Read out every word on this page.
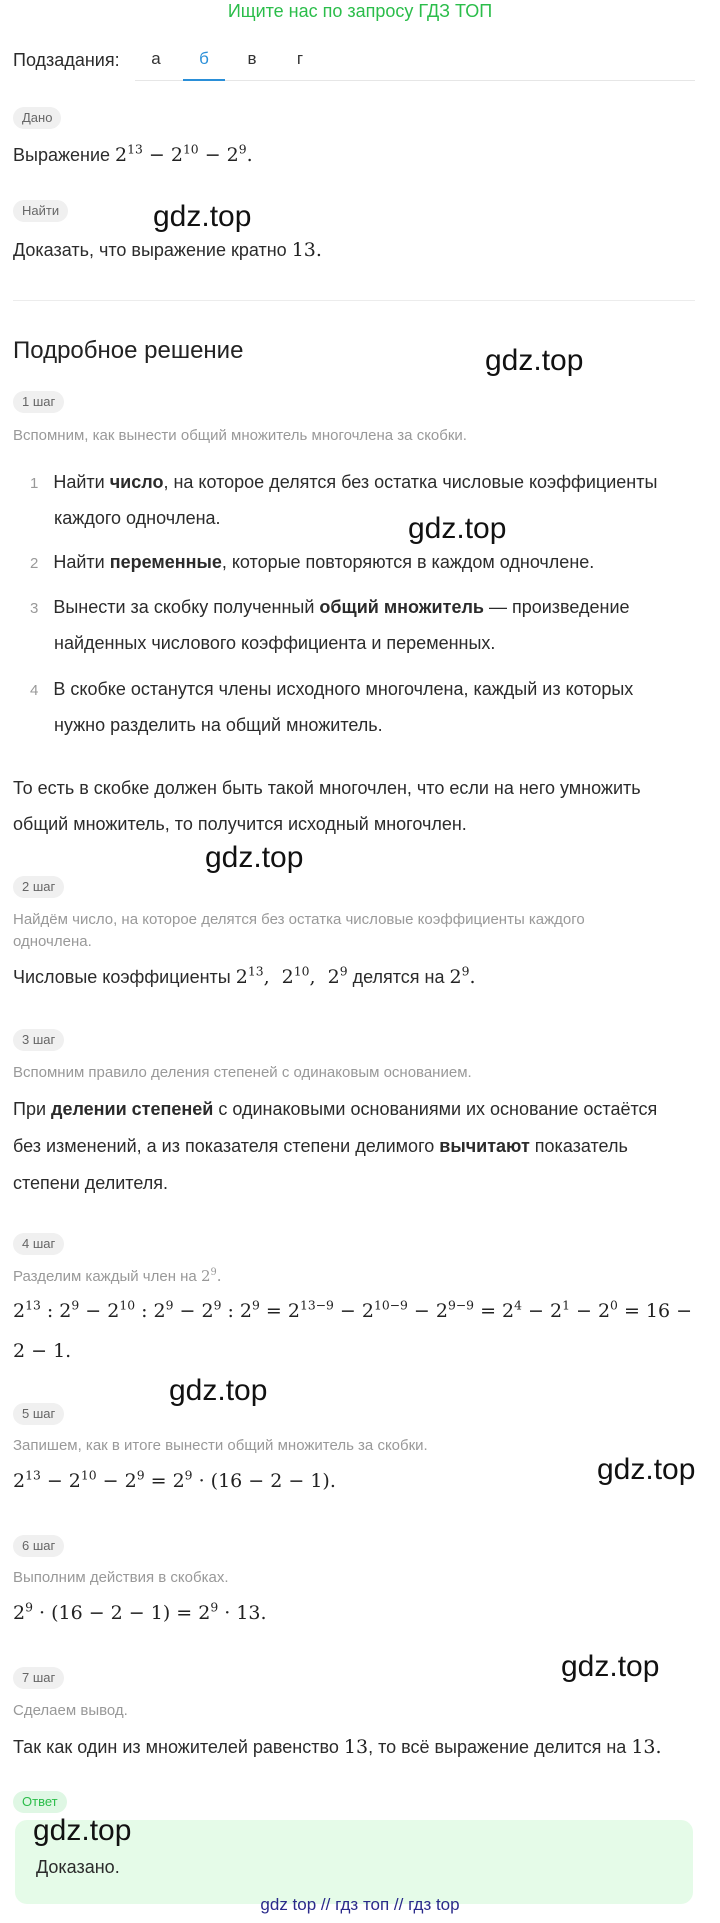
Ищите нас по запросу ГДЗ ТОП
Подзадания:	а	б	в	г
Дано
Выражение $2^{13} - 2^{10} - 2^9$.
Найти	gdz.top
Доказать, что выражение кратно 13.
Подробное решение	gdz.top
1 шаг
Вспомним, как вынести общий множитель многочлена за скобки.
1 Найти число, на которое делятся без остатка числовые коэффициенты
каждого одночлена.	gdz.top
2 Найти переменные, которые повторяются в каждом одночлене.
3 Вынести за скобку полученный общий множитель — произведение
найденных числового коэффициента и переменных.
4 В скобке останутся члены исходного многочлена, каждый из которых
нужно разделить на общий множитель.
То есть в скобке должен быть такой многочлен, что если на него умножить
общий множитель, то получится исходный многочлен.
gdz.top
2 шаг
Найдём число, на которое делятся без остатка числовые коэффициенты каждого
одночлена.
Числовые коэффициенты $2^{13}$,  $2^{10}$,  $2^9$ делятся на $2^9$.
3 шаг
Вспомним правило деления степеней с одинаковым основанием.
При делении степеней с одинаковыми основаниями их основание остаётся
без изменений, а из показателя степени делимого вычитают показатель
степени делителя.
4 шаг
Разделим каждый член на $2^9$.
$2^{13}$ : $2^9 - 2^{10}$ : $2^9 - 2^9$ : $2^9 = 2^{13-9} - 2^{10-9} - 2^{9-9} = 2^4 - 2^1 - 2^0 = 16$ −
2 − 1.
gdz.top
5 шаг
Запишем, как в итоге вынести общий множитель за скобки.
gdz.top
$2^{13} - 2^{10} - 2^9 = 2^9 \cdot (16 - 2 - 1)$.
6 шаг
Выполним действия в скобках.
$2^9 \cdot (16 - 2 - 1) = 2^9 \cdot 13$.
7 шаг	gdz.top
Сделаем вывод.
Так как один из множителей равенство 13, то всё выражение делится на 13.
Ответ
gdz.top
Доказано.
gdz top // гдз топ // гдз top
